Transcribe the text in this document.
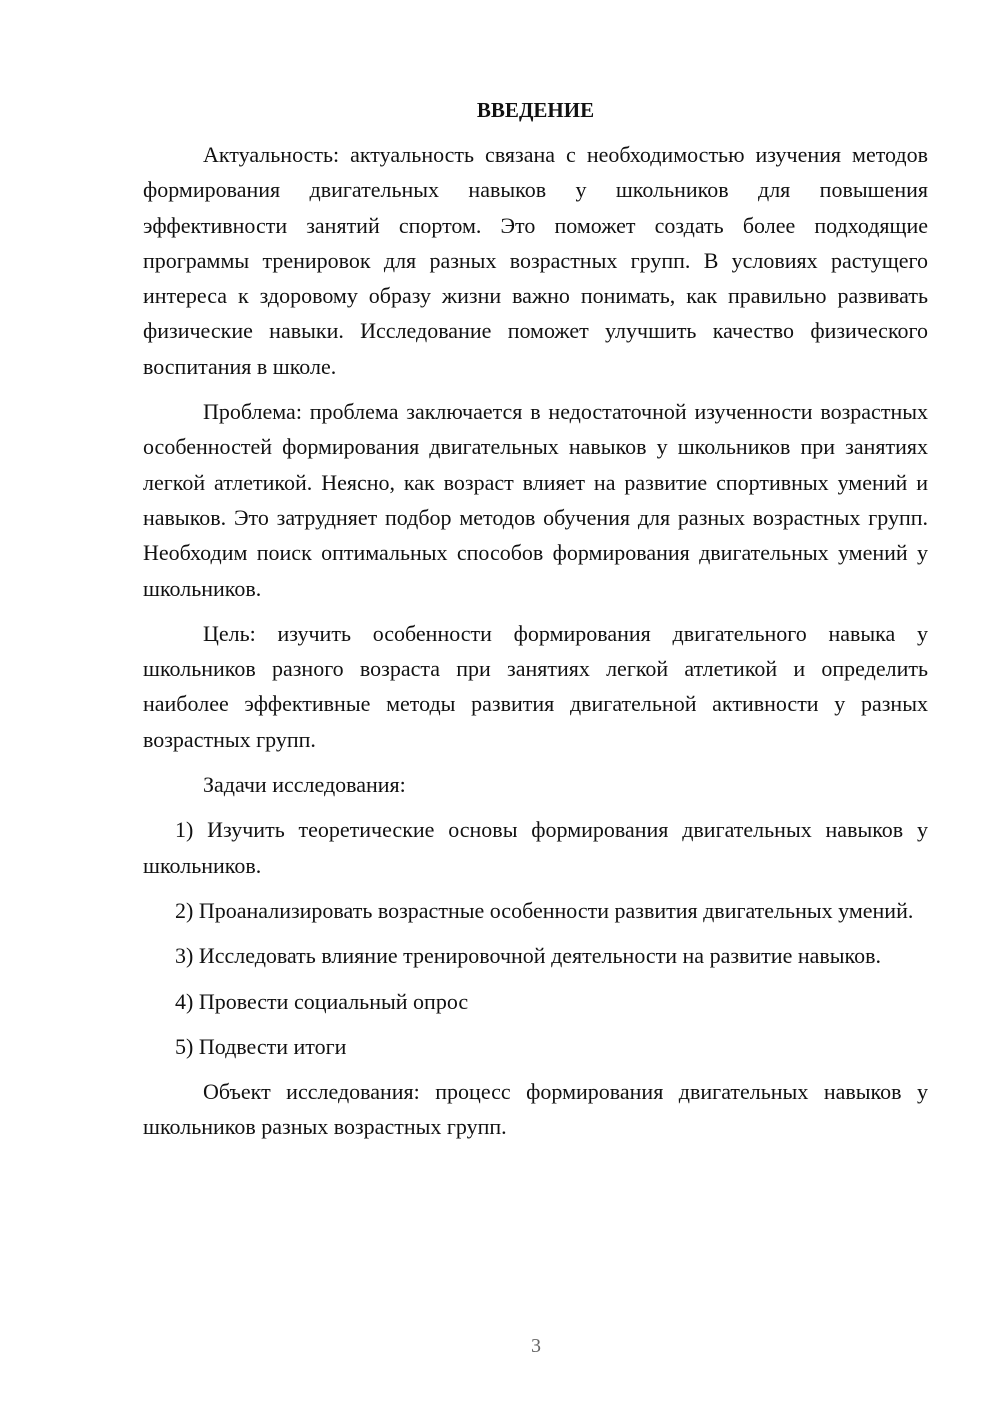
ВВЕДЕНИЕ

Актуальность: актуальность связана с необходимостью изучения методов формирования двигательных навыков у школьников для повышения эффективности занятий спортом. Это поможет создать более подходящие программы тренировок для разных возрастных групп. В условиях растущего интереса к здоровому образу жизни важно понимать, как правильно развивать физические навыки. Исследование поможет улучшить качество физического воспитания в школе.

Проблема: проблема заключается в недостаточной изученности возрастных особенностей формирования двигательных навыков у школьников при занятиях легкой атлетикой. Неясно, как возраст влияет на развитие спортивных умений и навыков. Это затрудняет подбор методов обучения для разных возрастных групп. Необходим поиск оптимальных способов формирования двигательных умений у школьников.

Цель: изучить особенности формирования двигательного навыка у школьников разного возраста при занятиях легкой атлетикой и определить наиболее эффективные методы развития двигательной активности у разных возрастных групп.

Задачи исследования:

1) Изучить теоретические основы формирования двигательных навыков у школьников.

2) Проанализировать возрастные особенности развития двигательных умений.

3) Исследовать влияние тренировочной деятельности на развитие навыков.

4) Провести социальный опрос

5) Подвести итоги

Объект исследования: процесс формирования двигательных навыков у школьников разных возрастных групп.

3
